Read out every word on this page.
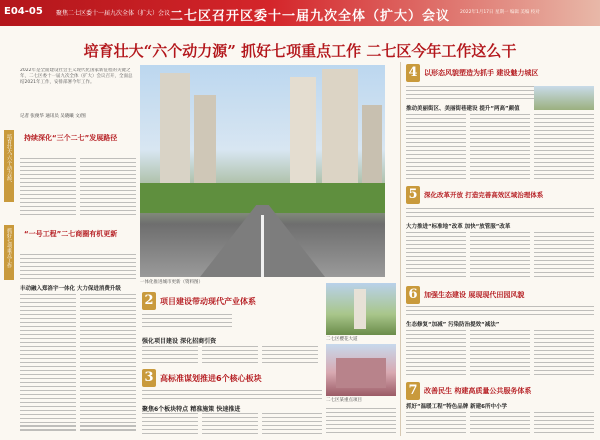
E04-05 聚焦二七区委十一届九次全体（扩大）会议 二七区召开区委十一届九次全体（扩大）会议 2022年1月17日 星期一 编辑 美编 校对
培育壮大“六个动力源” 抓好七项重点工作 二七区今年工作这么干
2022年是全面建设社会主义现代化国家新征程的关键之年，二七区委十一届九次全体（扩大）会议召开，全面总结2021年工作，安排部署今年工作。
记者 张俊华 通讯员 吴晓曦 文/图
培育壮大‘六个动力源’ 持续深化“三个二七”发展路径
抓好七项重点工作 “一号工程”二七商圈有机更新
丰动融入郑洛宇一体化 大力保进消费升级
一体化推进城市更新（资料图）
2 项目建设带动现代产业体系
强化项目建设 深化招商引资	二七区樱花大道
二七区某重点项目
3 高标准谋划推进6个核心板块
聚焦6个板块特点 精准施策 快速推进
4 以形态风貌塑造为抓手 建设魅力城区
推动美丽街区、美丽街巷建设 提升“两高”颜值
5 深化改革开放 打造完善高效区域治理体系
大力推进“标准地”改革 加快“放管服”改革
6 加强生态建设 展现现代田园风貌
生态修复“加减” 污染防治提效“减法”
7 改善民生 构建高质量公共服务体系
抓好“温暖工程”特色品牌 新建6所中小学
